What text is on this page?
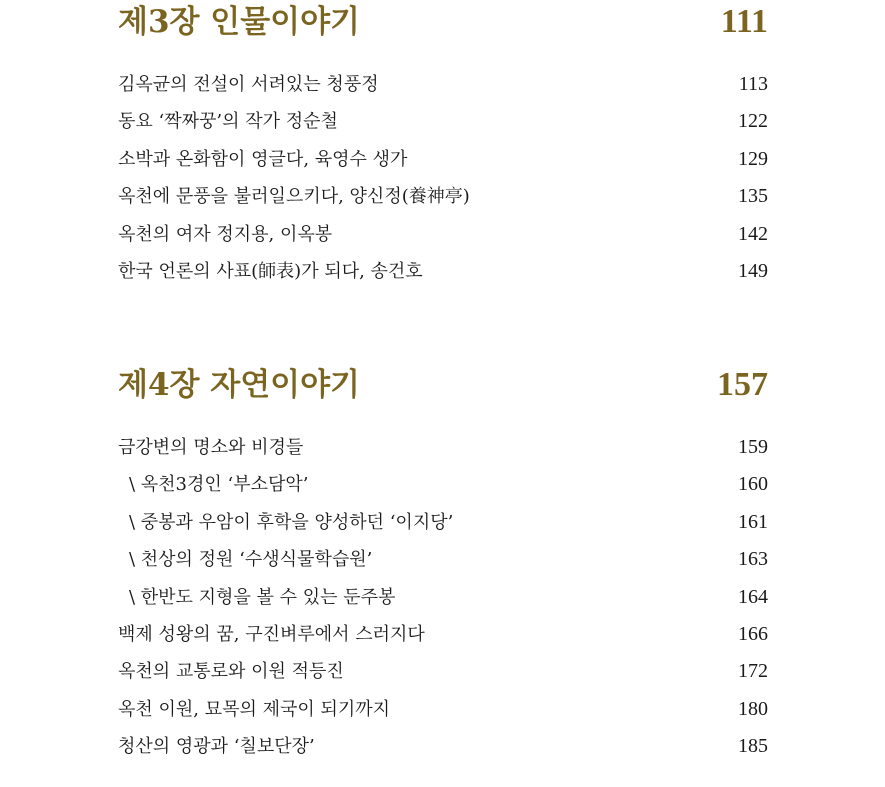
제3장 인물이야기	111
김옥균의 전설이 서려있는 청풍정	113
동요 ‘짝짜꿍’의 작가 정순철	122
소박과 온화함이 영글다, 육영수 생가	129
옥천에 문풍을 불러일으키다, 양신정(養神亭)	135
옥천의 여자 정지용, 이옥봉	142
한국 언론의 사표(師表)가 되다, 송건호	149
제4장 자연이야기	157
금강변의 명소와 비경들	159
\ 옥천3경인 ‘부소담악’	160
\ 중봉과 우암이 후학을 양성하던 ‘이지당’	161
\ 천상의 정원 ‘수생식물학습원’	163
\ 한반도 지형을 볼 수 있는 둔주봉	164
백제 성왕의 꿈, 구진벼루에서 스러지다	166
옥천의 교통로와 이원 적등진	172
옥천 이원, 묘목의 제국이 되기까지	180
청산의 영광과 ‘칠보단장’	185
